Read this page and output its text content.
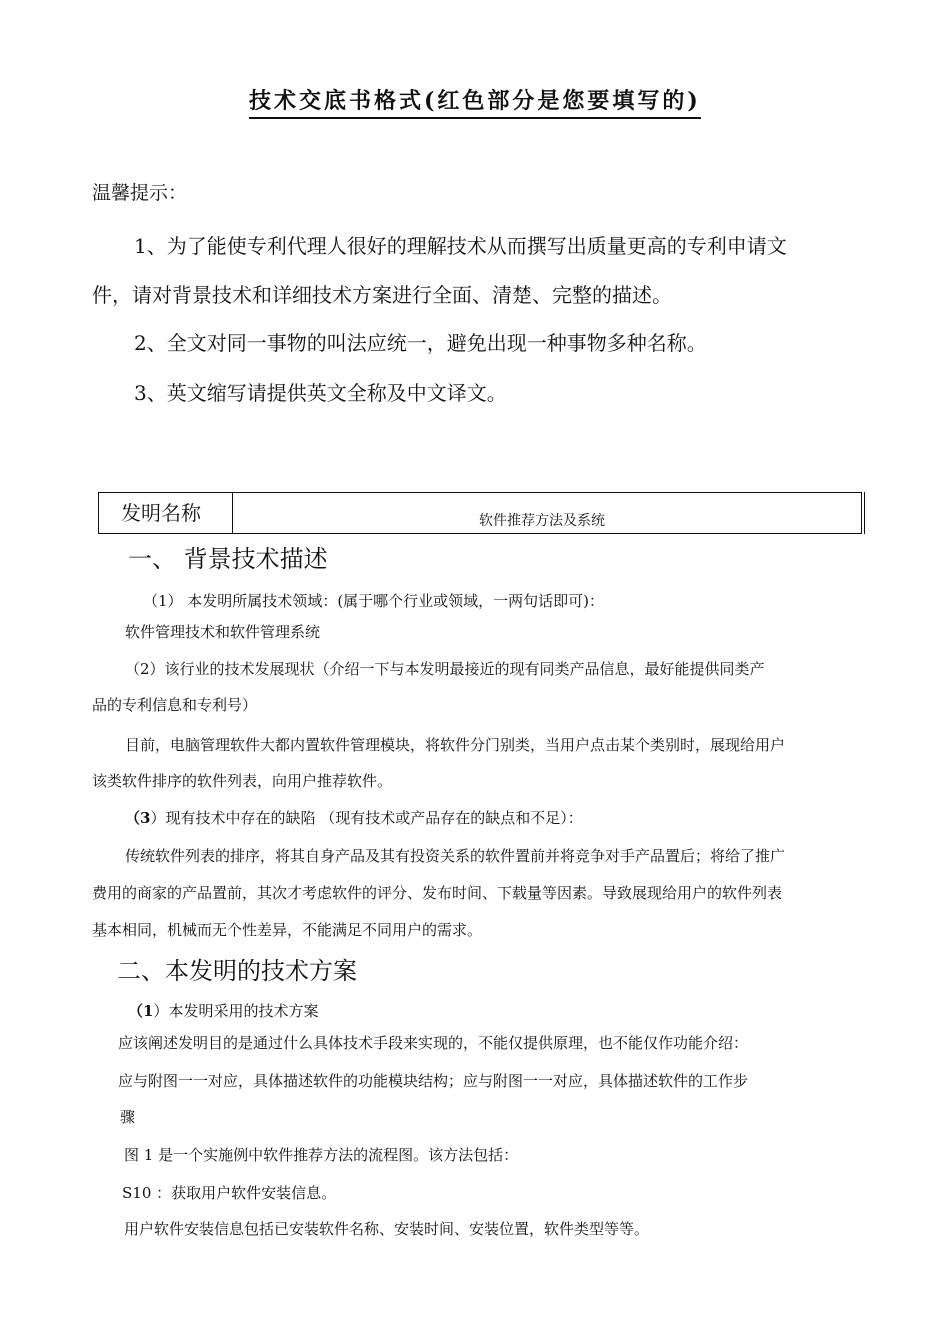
技术交底书格式(红色部分是您要填写的)
温馨提示：
1、为了能使专利代理人很好的理解技术从而撰写出质量更高的专利申请文
件，请对背景技术和详细技术方案进行全面、清楚、完整的描述。
2、全文对同一事物的叫法应统一，避免出现一种事物多种名称。
3、英文缩写请提供英文全称及中文译文。
发明名称	软件推荐方法及系统
一、 背景技术描述
（1） 本发明所属技术领域：(属于哪个行业或领域，一两句话即可)：
软件管理技术和软件管理系统
（2）该行业的技术发展现状（介绍一下与本发明最接近的现有同类产品信息，最好能提供同类产
品的专利信息和专利号）
目前，电脑管理软件大都内置软件管理模块，将软件分门别类，当用户点击某个类别时，展现给用户
该类软件排序的软件列表，向用户推荐软件。
（3）现有技术中存在的缺陷 （现有技术或产品存在的缺点和不足）：
传统软件列表的排序，将其自身产品及其有投资关系的软件置前并将竞争对手产品置后；将给了推广
费用的商家的产品置前，其次才考虑软件的评分、发布时间、下载量等因素。导致展现给用户的软件列表
基本相同，机械而无个性差异，不能满足不同用户的需求。
二、本发明的技术方案
（1）本发明采用的技术方案
应该阐述发明目的是通过什么具体技术手段来实现的，不能仅提供原理，也不能仅作功能介绍：
应与附图一一对应，具体描述软件的功能模块结构；应与附图一一对应，具体描述软件的工作步
骤
图 1 是一个实施例中软件推荐方法的流程图。该方法包括：
S10 ：获取用户软件安装信息。
用户软件安装信息包括已安装软件名称、安装时间、安装位置，软件类型等等。
